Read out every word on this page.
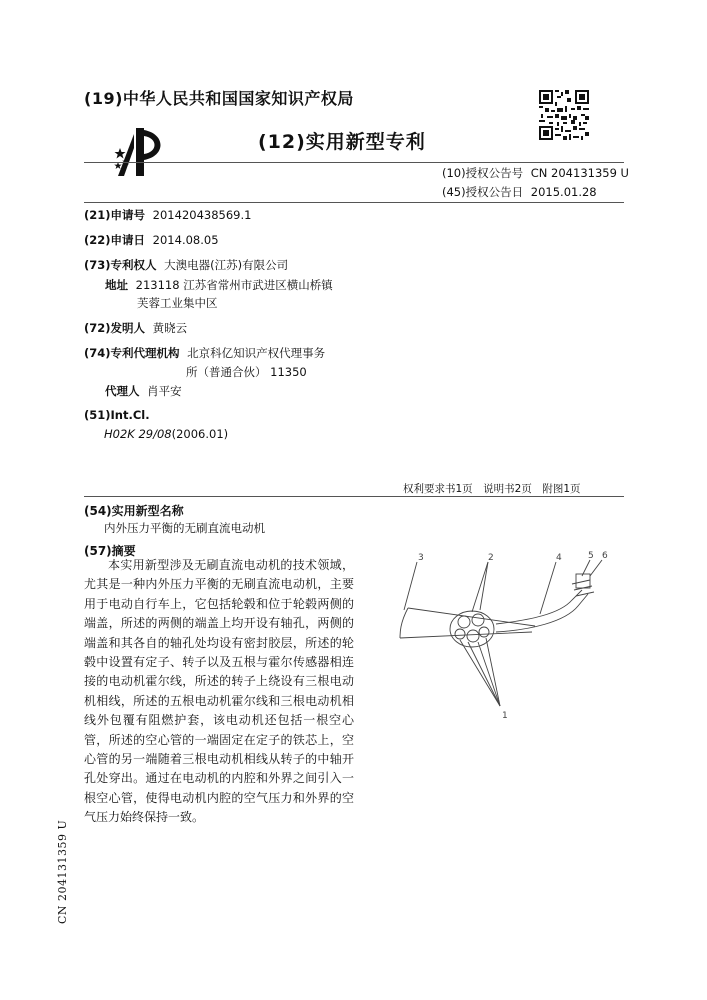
(19)中华人民共和国国家知识产权局
(12)实用新型专利
(10)授权公告号 CN 204131359 U
(45)授权公告日 2015.01.28
(21)申请号 201420438569.1
(22)申请日 2014.08.05
(73)专利权人 大澳电器(江苏)有限公司
地址 213118 江苏省常州市武进区横山桥镇
芙蓉工业集中区
(72)发明人 黄晓云
(74)专利代理机构 北京科亿知识产权代理事务
所（普通合伙） 11350
代理人 肖平安
(51)Int.Cl.
H02K 29/08(2006.01)
权利要求书1页　说明书2页　附图1页
(54)实用新型名称
内外压力平衡的无刷直流电动机
(57)摘要
本实用新型涉及无刷直流电动机的技术领域，尤其是一种内外压力平衡的无刷直流电动机，主要用于电动自行车上，它包括轮毂和位于轮毂两侧的端盖，所述的两侧的端盖上均开设有轴孔，两侧的端盖和其各自的轴孔处均设有密封胶层，所述的轮毂中设置有定子、转子以及五根与霍尔传感器相连接的电动机霍尔线，所述的转子上绕设有三根电动机相线，所述的五根电动机霍尔线和三根电动机相线外包覆有阻燃护套，该电动机还包括一根空心管，所述的空心管的一端固定在定子的铁芯上，空心管的另一端随着三根电动机相线从转子的中轴开孔处穿出。通过在电动机的内腔和外界之间引入一根空心管，使得电动机内腔的空气压力和外界的空气压力始终保持一致。
3	2	4	5 6
1
CN 204131359 U
